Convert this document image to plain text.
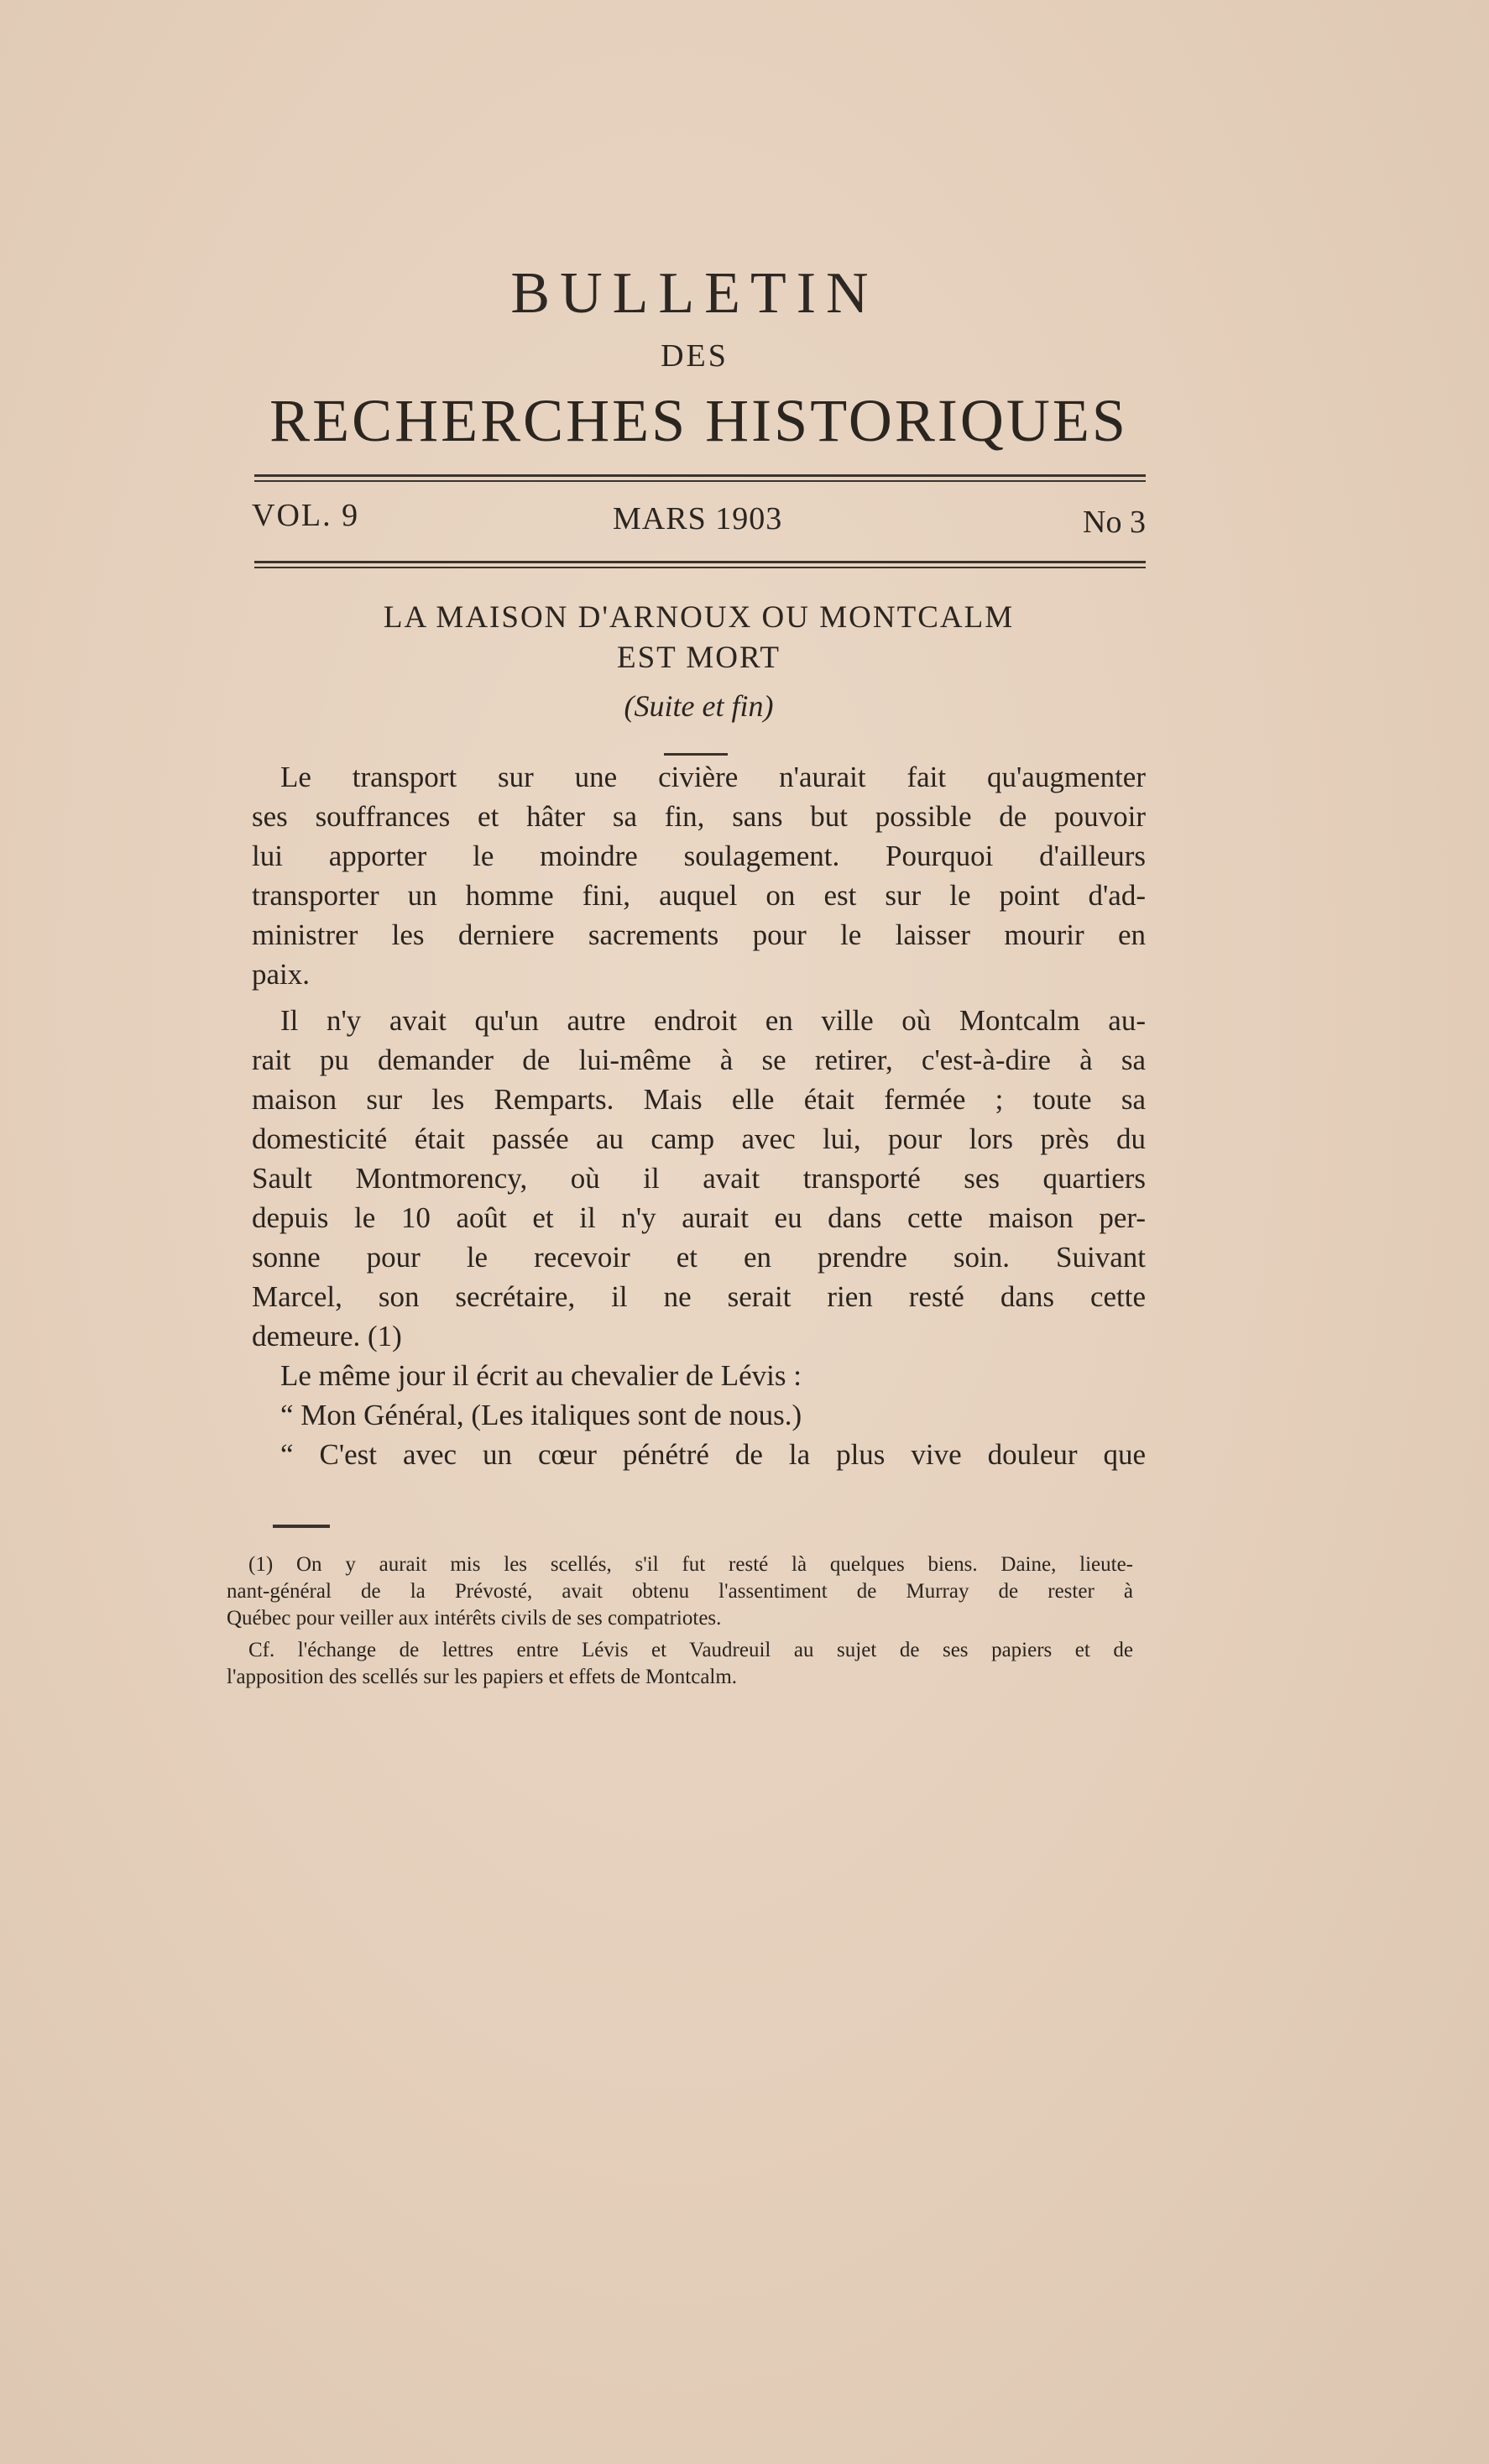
BULLETIN
DES
RECHERCHES HISTORIQUES
VOL. 9	MARS 1903	No 3
LA MAISON D'ARNOUX OU MONTCALM
EST MORT
(Suite et fin)
Le transport sur une civière n'aurait fait qu'augmenter
ses souffrances et hâter sa fin, sans but possible de pouvoir
lui apporter le moindre soulagement. Pourquoi d'ailleurs
transporter un homme fini, auquel on est sur le point d'ad-
ministrer les derniere sacrements pour le laisser mourir en
paix.
Il n'y avait qu'un autre endroit en ville où Montcalm au-
rait pu demander de lui-même à se retirer, c'est-à-dire à sa
maison sur les Remparts. Mais elle était fermée ; toute sa
domesticité était passée au camp avec lui, pour lors près du
Sault Montmorency, où il avait transporté ses quartiers
depuis le 10 août et il n'y aurait eu dans cette maison per-
sonne pour le recevoir et en prendre soin. Suivant
Marcel, son secrétaire, il ne serait rien resté dans cette
demeure. (1)
Le même jour il écrit au chevalier de Lévis :
“ Mon Général, (Les italiques sont de nous.)
“ C'est avec un cœur pénétré de la plus vive douleur que
(1) On y aurait mis les scellés, s'il fut resté là quelques biens. Daine, lieute-
nant-général de la Prévosté, avait obtenu l'assentiment de Murray de rester à
Québec pour veiller aux intérêts civils de ses compatriotes.
Cf. l'échange de lettres entre Lévis et Vaudreuil au sujet de ses papiers et de
l'apposition des scellés sur les papiers et effets de Montcalm.
